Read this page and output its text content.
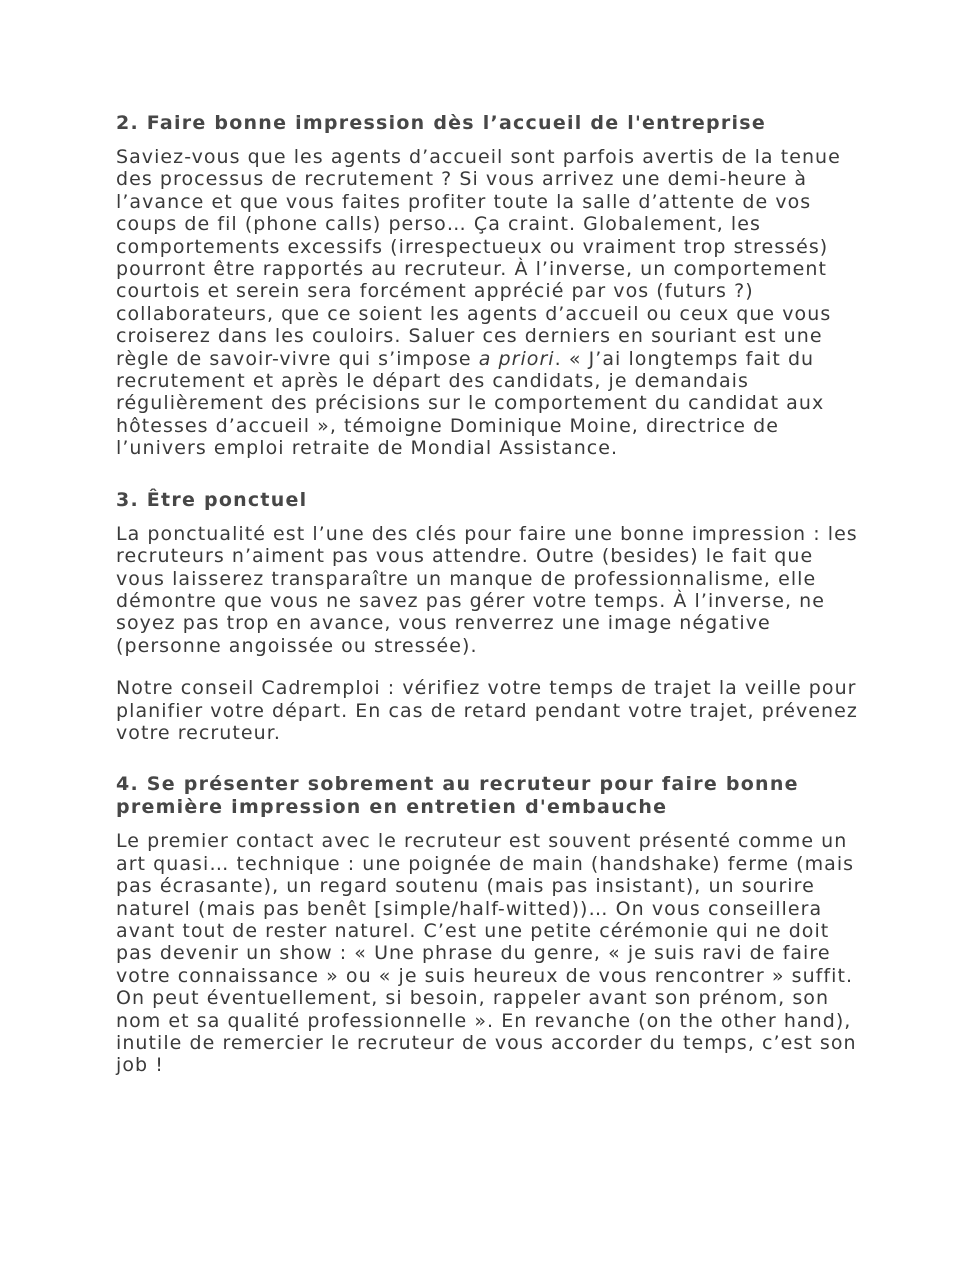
2. Faire bonne impression dès l’accueil de l'entreprise

Saviez-vous que les agents d’accueil sont parfois avertis de la tenue des processus de recrutement ? Si vous arrivez une demi-heure à l’avance et que vous faites profiter toute la salle d’attente de vos coups de fil (phone calls) perso… Ça craint. Globalement, les comportements excessifs (irrespectueux ou vraiment trop stressés) pourront être rapportés au recruteur. À l’inverse, un comportement courtois et serein sera forcément apprécié par vos (futurs ?) collaborateurs, que ce soient les agents d’accueil ou ceux que vous croiserez dans les couloirs. Saluer ces derniers en souriant est une règle de savoir-vivre qui s’impose a priori. « J’ai longtemps fait du recrutement et après le départ des candidats, je demandais régulièrement des précisions sur le comportement du candidat aux hôtesses d’accueil », témoigne Dominique Moine, directrice de l’univers emploi retraite de Mondial Assistance.

3. Être ponctuel

La ponctualité est l’une des clés pour faire une bonne impression : les recruteurs n’aiment pas vous attendre. Outre (besides) le fait que vous laisserez transparaître un manque de professionnalisme, elle démontre que vous ne savez pas gérer votre temps. À l’inverse, ne soyez pas trop en avance, vous renverrez une image négative (personne angoissée ou stressée).

Notre conseil Cadremploi : vérifiez votre temps de trajet la veille pour planifier votre départ. En cas de retard pendant votre trajet, prévenez votre recruteur.

4. Se présenter sobrement au recruteur pour faire bonne première impression en entretien d'embauche

Le premier contact avec le recruteur est souvent présenté comme un art quasi… technique : une poignée de main (handshake) ferme (mais pas écrasante), un regard soutenu (mais pas insistant), un sourire naturel (mais pas benêt [simple/half-witted))… On vous conseillera avant tout de rester naturel. C’est une petite cérémonie qui ne doit pas devenir un show : « Une phrase du genre, « je suis ravi de faire votre connaissance » ou « je suis heureux de vous rencontrer » suffit. On peut éventuellement, si besoin, rappeler avant son prénom, son nom et sa qualité professionnelle ». En revanche (on the other hand), inutile de remercier le recruteur de vous accorder du temps, c’est son job !
